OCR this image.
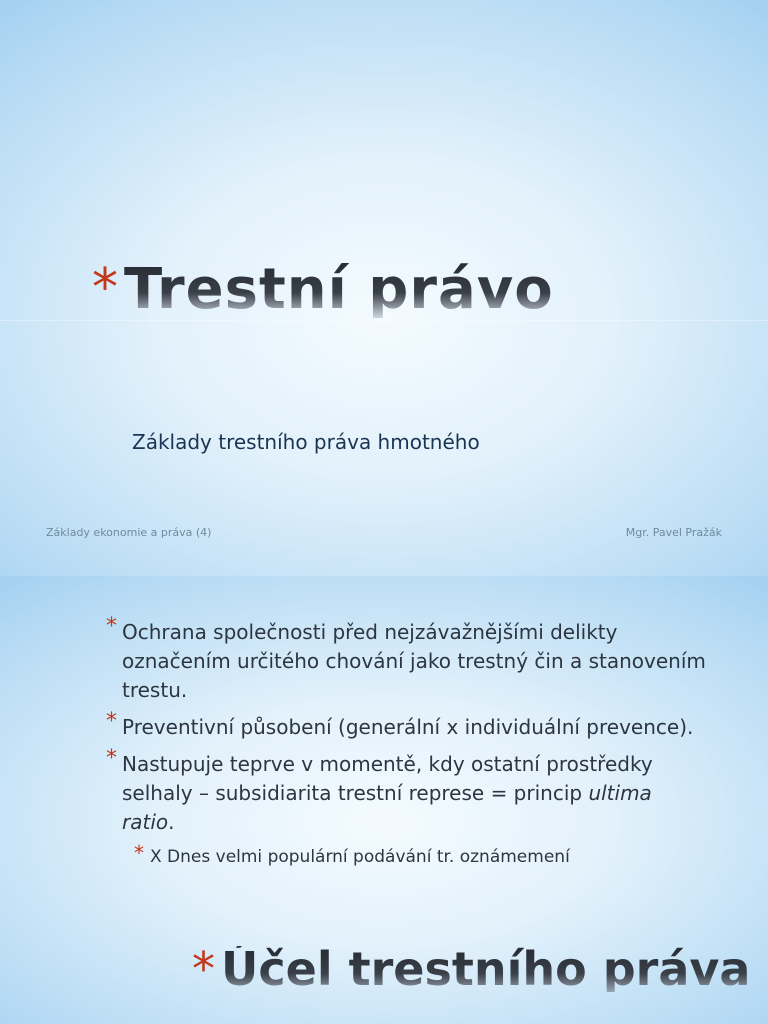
* Trestní právo
Základy trestního práva hmotného
Základy ekonomie a práva (4)	Mgr. Pavel Pražák
* Ochrana společnosti před nejzávažnějšími delikty označením určitého chování jako trestný čin a stanovením trestu.
* Preventivní působení (generální x individuální prevence).
* Nastupuje teprve v momentě, kdy ostatní prostředky selhaly – subsidiarita trestní represe = princip ultima ratio.
* X Dnes velmi populární podávání tr. oznámemení
* Účel trestního práva
